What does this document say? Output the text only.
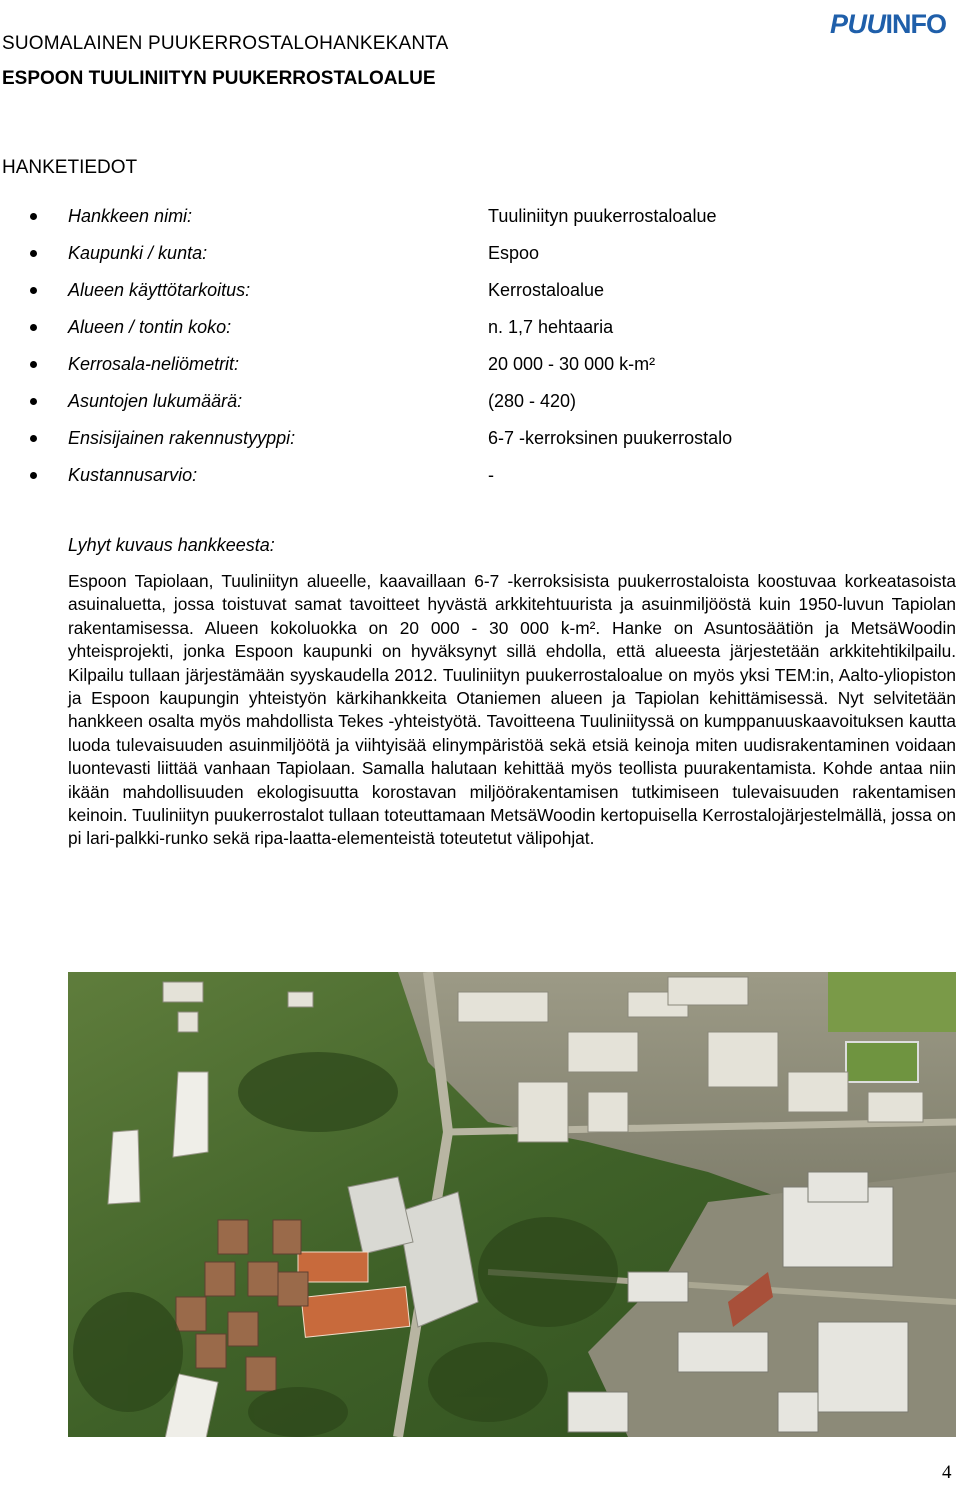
SUOMALAINEN PUUKERROSTALOHANKEKANTA
ESPOON TUULINIITYN PUUKERROSTALOALUE
PUU INFO
HANKETIEDOT
Hankkeen nimi:	Tuuliniityn puukerrostaloalue
Kaupunki / kunta:	Espoo
Alueen käyttötarkoitus:	Kerrostaloalue
Alueen / tontin koko:	n. 1,7 hehtaaria
Kerrosala-neliömetrit:	20 000 - 30 000 k-m²
Asuntojen lukumäärä:	(280 - 420)
Ensisijainen rakennustyyppi:	6-7 -kerroksinen puukerrostalo
Kustannusarvio:	-
Lyhyt kuvaus hankkeesta:
Espoon Tapiolaan, Tuuliniityn alueelle, kaavaillaan 6-7 -kerroksisista puukerrostaloista koostuvaa korkeatasoista asuinaluetta, jossa toistuvat samat tavoitteet hyvästä arkkitehtuurista ja asuinmiljööstä kuin 1950-luvun Tapiolan rakentamisessa. Alueen kokoluokka on 20 000 - 30 000 k-m². Hanke on Asuntosäätiön ja MetsäWoodin yhteisprojekti, jonka Espoon kaupunki on hyväksynyt sillä ehdolla, että alueesta järjestetään arkkitehtikilpailu. Kilpailu tullaan järjestämään syyskaudella 2012. Tuuliniityn puukerrostaloalue on myös yksi TEM:in, Aalto-yliopiston ja Espoon kaupungin yhteistyön kärkihankkeita Otaniemen alueen ja Tapiolan kehittämisessä. Nyt selvitetään hankkeen osalta myös mahdollista Tekes -yhteistyötä. Tavoitteena Tuuliniityssä on kumppanuuskaavoituksen kautta luoda tulevaisuuden asuinmiljöötä ja viihtyisää elinympäristöä sekä etsiä keinoja miten uudisrakentaminen voidaan luontevasti liittää vanhaan Tapiolaan. Samalla halutaan kehittää myös teollista puurakentamista. Kohde antaa niin ikään mahdollisuuden ekologisuutta korostavan miljöörakentamisen tutkimiseen tulevaisuuden rakentamisen keinoin. Tuuliniityn puukerrostalot tullaan toteuttamaan MetsäWoodin kertopuisella Kerrostalojärjestelmällä, jossa on pi lari-palkki-runko sekä ripa-laatta-elementeistä toteutetut välipohjat.
4
